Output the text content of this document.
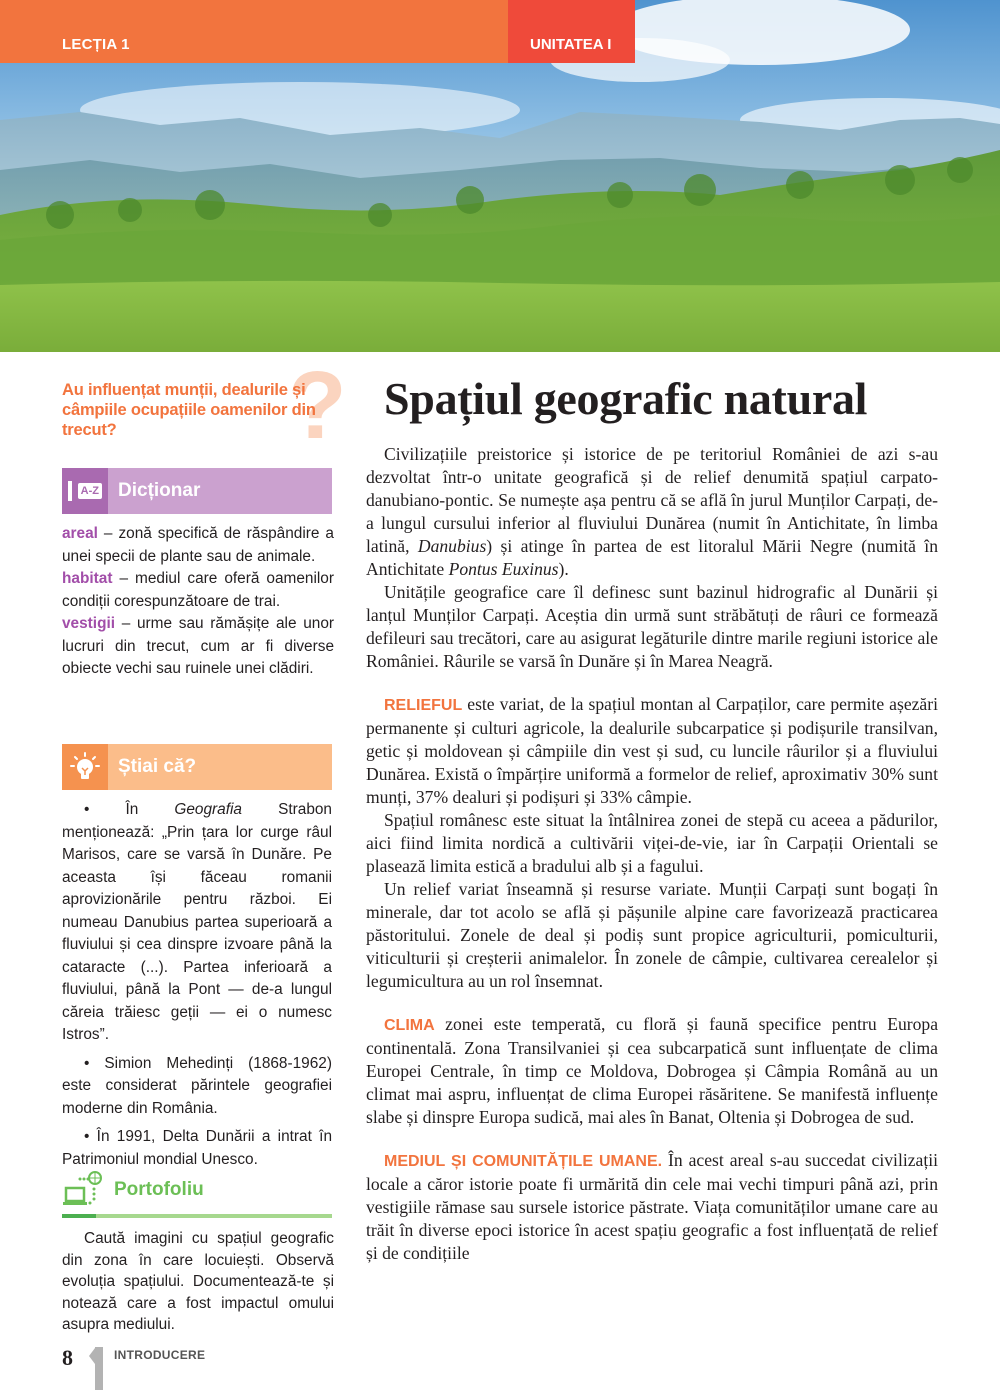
LECȚIA 1	UNITATEA I
?
Au influențat munții, dealurile și câmpiile ocupațiile oamenilor din trecut?
A-Z Dicționar
areal – zonă specifică de răspândire a unei specii de plante sau de animale.
habitat – mediul care oferă oamenilor condiții corespunzătoare de trai.
vestigii – urme sau rămășițe ale unor lucruri din trecut, cum ar fi diverse obiecte vechi sau ruinele unei clădiri.
Știai că?

• În Geografia Strabon menționează: „Prin țara lor curge râul Marisos, care se varsă în Dunăre. Pe aceasta își făceau romanii aprovizionările pentru război. Ei numeau Danubius partea superioară a fluviului și cea dinspre izvoare până la cataracte (...). Partea inferioară a fluviului, până la Pont — de-a lungul căreia trăiesc geții — ei o numesc Istros”.

• Simion Mehedinți (1868-1962) este considerat părintele geografiei moderne din România.

• În 1991, Delta Dunării a intrat în Patrimoniul mondial Unesco.

Portofoliu
Caută imagini cu spațiul geografic din zona în care locuiești. Observă evoluția spațiului. Documentează-te și notează care a fost impactul omului asupra mediului.
8	INTRODUCERE
Spațiul geografic natural

Civilizațiile preistorice și istorice de pe teritoriul României de azi s-au dezvoltat într-o unitate geografică și de relief denumită spațiul carpato-danubiano-pontic. Se numește așa pentru că se află în jurul Munților Carpați, de-a lungul cursului inferior al fluviului Dunărea (numit în Antichitate, în limba latină, Danubius) și atinge în partea de est litoralul Mării Negre (numită în Antichitate Pontus Euxinus).

Unitățile geografice care îl definesc sunt bazinul hidrografic al Dunării și lanțul Munților Carpați. Aceștia din urmă sunt străbătuți de râuri ce formează defileuri sau trecători, care au asigurat legăturile dintre marile regiuni istorice ale României. Râurile se varsă în Dunăre și în Marea Neagră.

RELIEFUL este variat, de la spațiul montan al Carpaților, care permite așezări permanente și culturi agricole, la dealurile subcarpatice și podișurile transilvan, getic și moldovean și câmpiile din vest și sud, cu luncile râurilor și a fluviului Dunărea. Există o împărțire uniformă a formelor de relief, aproximativ 30% sunt munți, 37% dealuri și podișuri și 33% câmpie.

Spațiul românesc este situat la întâlnirea zonei de stepă cu aceea a pădurilor, aici fiind limita nordică a cultivării viței-de-vie, iar în Carpații Orientali se plasează limita estică a bradului alb și a fagului.

Un relief variat înseamnă și resurse variate. Munții Carpați sunt bogați în minerale, dar tot acolo se află și pășunile alpine care favorizează practicarea păstoritului. Zonele de deal și podiș sunt propice agriculturii, pomiculturii, viticulturii și creșterii animalelor. În zonele de câmpie, cultivarea cerealelor și legumicultura au un rol însemnat.

CLIMA zonei este temperată, cu floră și faună specifice pentru Europa continentală. Zona Transilvaniei și cea subcarpatică sunt influențate de clima Europei Centrale, în timp ce Moldova, Dobrogea și Câmpia Română au un climat mai aspru, influențat de clima Europei răsăritene. Se manifestă influențe slabe și dinspre Europa sudică, mai ales în Banat, Oltenia și Dobrogea de sud.

MEDIUL ȘI COMUNITĂȚILE UMANE. În acest areal s-au succedat civilizații locale a căror istorie poate fi urmărită din cele mai vechi timpuri până azi, prin vestigiile rămase sau sursele istorice păstrate. Viața comunităților umane care au trăit în diverse epoci istorice în acest spațiu geografic a fost influențată de relief și de condițiile
